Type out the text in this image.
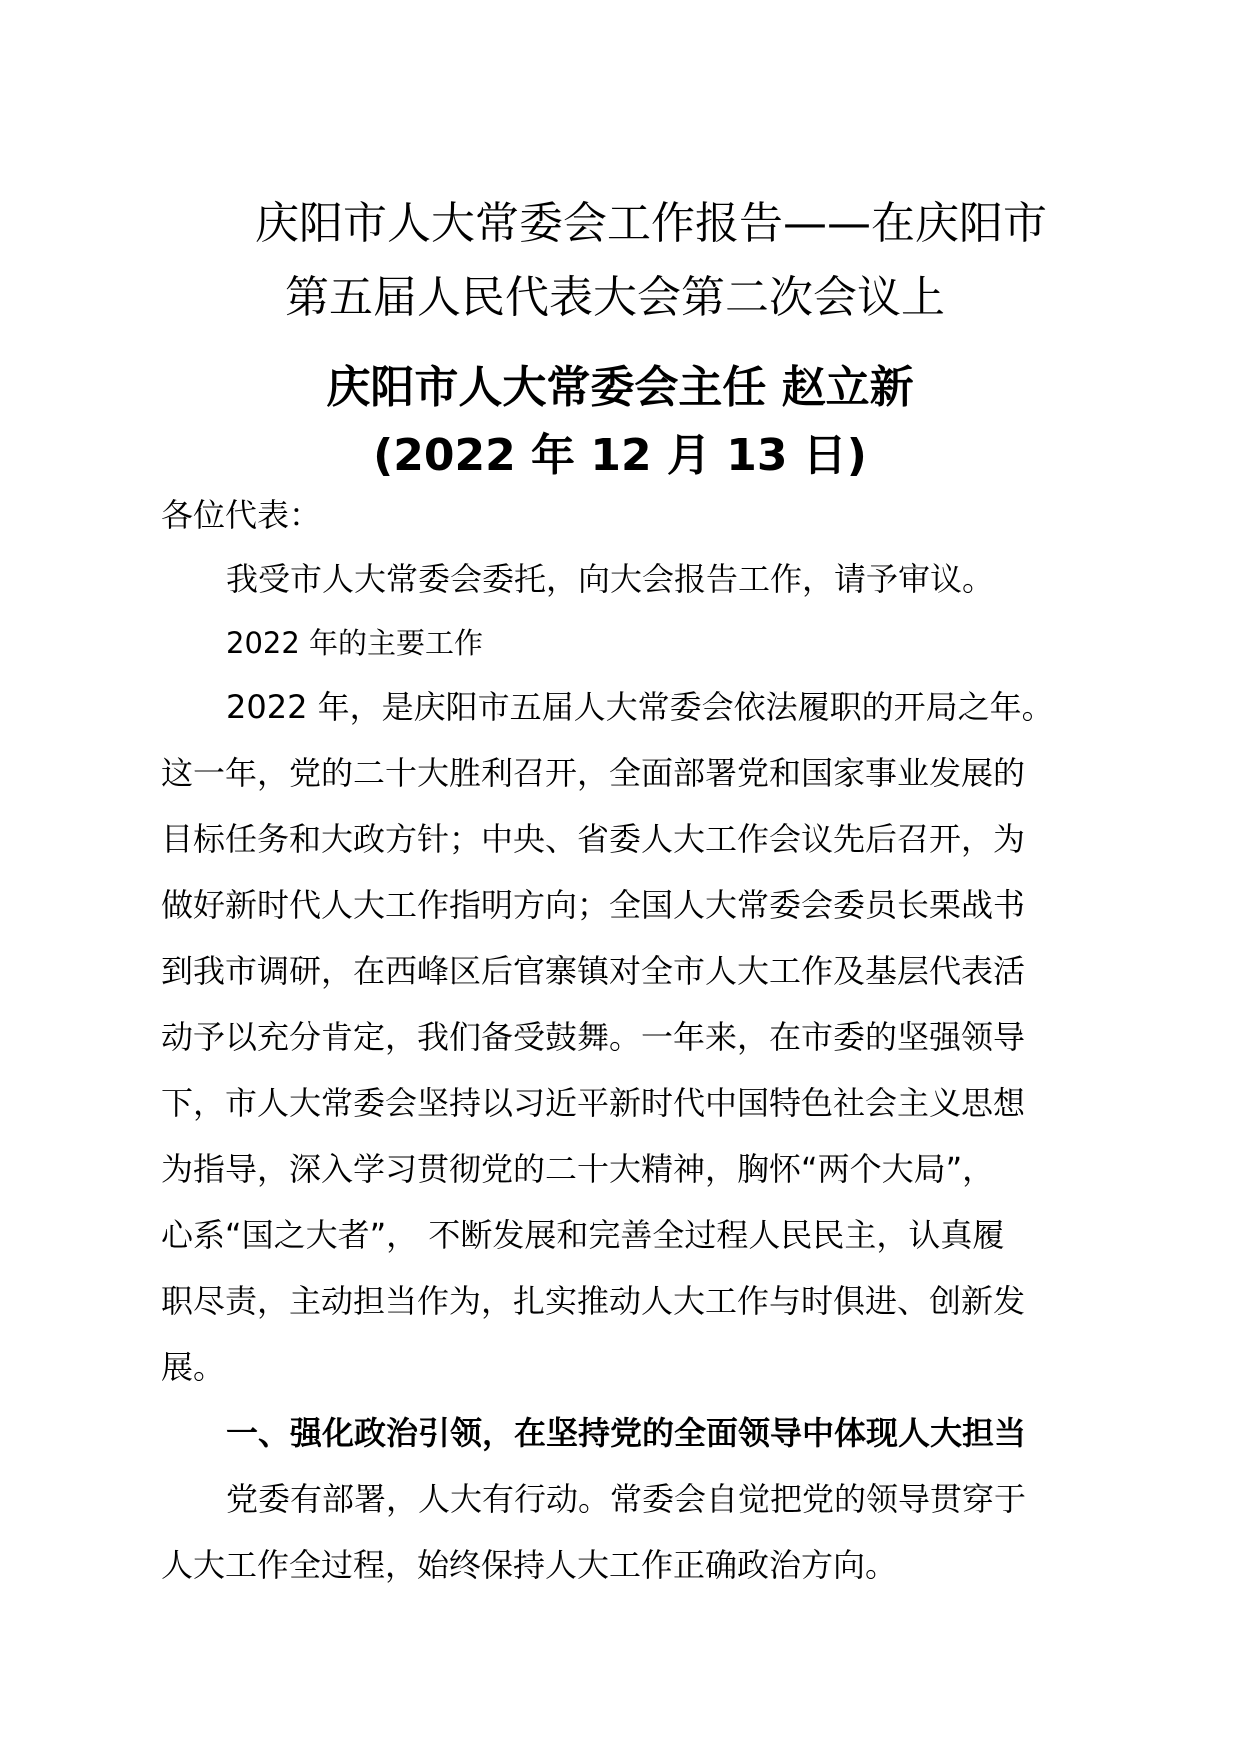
庆阳市人大常委会工作报告——在庆阳市
第五届人民代表大会第二次会议上
庆阳市人大常委会主任 赵立新
(2022 年 12 月 13 日)
各位代表：
我受市人大常委会委托，向大会报告工作，请予审议。
2022 年的主要工作
2022 年，是庆阳市五届人大常委会依法履职的开局之年。
这一年，党的二十大胜利召开，全面部署党和国家事业发展的
目标任务和大政方针；中央、省委人大工作会议先后召开，为
做好新时代人大工作指明方向；全国人大常委会委员长栗战书
到我市调研，在西峰区后官寨镇对全市人大工作及基层代表活
动予以充分肯定，我们备受鼓舞。一年来，在市委的坚强领导
下，市人大常委会坚持以习近平新时代中国特色社会主义思想
为指导，深入学习贯彻党的二十大精神，胸怀“两个大局”，
心系“国之大者”， 不断发展和完善全过程人民民主，认真履
职尽责，主动担当作为，扎实推动人大工作与时俱进、创新发
展。
一、强化政治引领，在坚持党的全面领导中体现人大担当
党委有部署，人大有行动。常委会自觉把党的领导贯穿于
人大工作全过程，始终保持人大工作正确政治方向。
